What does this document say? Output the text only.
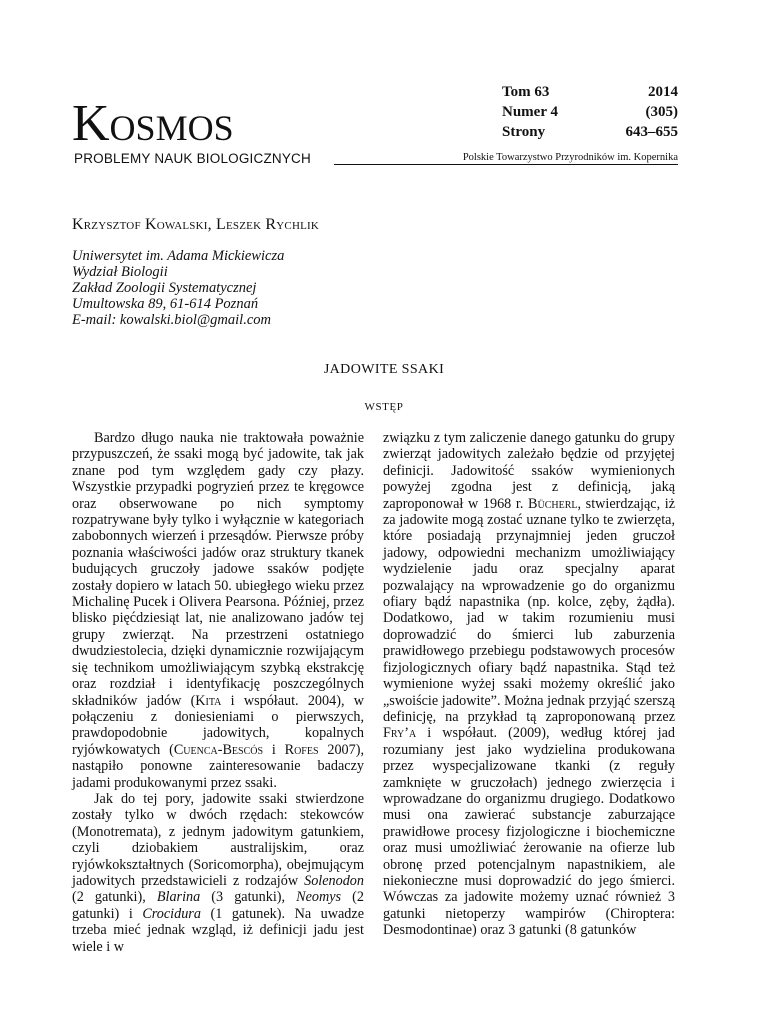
Kosmos
PROBLEMY NAUK BIOLOGICZNYCH	Polskie Towarzystwo Przyrodników im. Kopernika
Tom 63	2014
Numer 4	(305)
Strony	643–655
Krzysztof Kowalski, Leszek Rychlik
Uniwersytet im. Adama Mickiewicza
Wydział Biologii
Zakład Zoologii Systematycznej
Umultowska 89, 61-614 Poznań
E-mail: kowalski.biol@gmail.com
JADOWITE SSAKI
WSTĘP

Bardzo długo nauka nie traktowała poważnie przypuszczeń, że ssaki mogą być jadowite, tak jak znane pod tym względem gady czy płazy. Wszystkie przypadki pogryzień przez te kręgowce oraz obserwowane po nich symptomy rozpatrywane były tylko i wyłącznie w kategoriach zabobonnych wierzeń i przesądów. Pierwsze próby poznania właściwości jadów oraz struktury tkanek budujących gruczoły jadowe ssaków podjęte zostały dopiero w latach 50. ubiegłego wieku przez Michalinę Pucek i Olivera Pearsona. Później, przez blisko pięćdziesiąt lat, nie analizowano jadów tej grupy zwierząt. Na przestrzeni ostatniego dwudziestolecia, dzięki dynamicznie rozwijającym się technikom umożliwiającym szybką ekstrakcję oraz rozdział i identyfikację poszczególnych składników jadów (Kita i współaut. 2004), w połączeniu z doniesieniami o pierwszych, prawdopodobnie jadowitych, kopalnych ryjówkowatych (Cuenca-Bescós i Rofes 2007), nastąpiło ponowne zainteresowanie badaczy jadami produkowanymi przez ssaki.

Jak do tej pory, jadowite ssaki stwierdzone zostały tylko w dwóch rzędach: stekowców (Monotremata), z jednym jadowitym gatunkiem, czyli dziobakiem australijskim, oraz ryjówkokształtnych (Soricomorpha), obejmującym jadowitych przedstawicieli z rodzajów Solenodon (2 gatunki), Blarina (3 gatunki), Neomys (2 gatunki) i Crocidura (1 gatunek). Na uwadze trzeba mieć jednak wzgląd, iż definicji jadu jest wiele i w

związku z tym zaliczenie danego gatunku do grupy zwierząt jadowitych zależało będzie od przyjętej definicji. Jadowitość ssaków wymienionych powyżej zgodna jest z definicją, jaką zaproponował w 1968 r. Bücherl, stwierdzając, iż za jadowite mogą zostać uznane tylko te zwierzęta, które posiadają przynajmniej jeden gruczoł jadowy, odpowiedni mechanizm umożliwiający wydzielenie jadu oraz specjalny aparat pozwalający na wprowadzenie go do organizmu ofiary bądź napastnika (np. kolce, zęby, żądła). Dodatkowo, jad w takim rozumieniu musi doprowadzić do śmierci lub zaburzenia prawidłowego przebiegu podstawowych procesów fizjologicznych ofiary bądź napastnika. Stąd też wymienione wyżej ssaki możemy określić jako „swoiście jadowite”. Można jednak przyjąć szerszą definicję, na przykład tą zaproponowaną przez Fry’a i współaut. (2009), według której jad rozumiany jest jako wydzielina produkowana przez wyspecjalizowane tkanki (z reguły zamknięte w gruczołach) jednego zwierzęcia i wprowadzane do organizmu drugiego. Dodatkowo musi ona zawierać substancje zaburzające prawidłowe procesy fizjologiczne i biochemiczne oraz musi umożliwiać żerowanie na ofierze lub obronę przed potencjalnym napastnikiem, ale niekonieczne musi doprowadzić do jego śmierci. Wówczas za jadowite możemy uznać również 3 gatunki nietoperzy wampirów (Chiroptera: Desmodontinae) oraz 3 gatunki (8 gatunków
